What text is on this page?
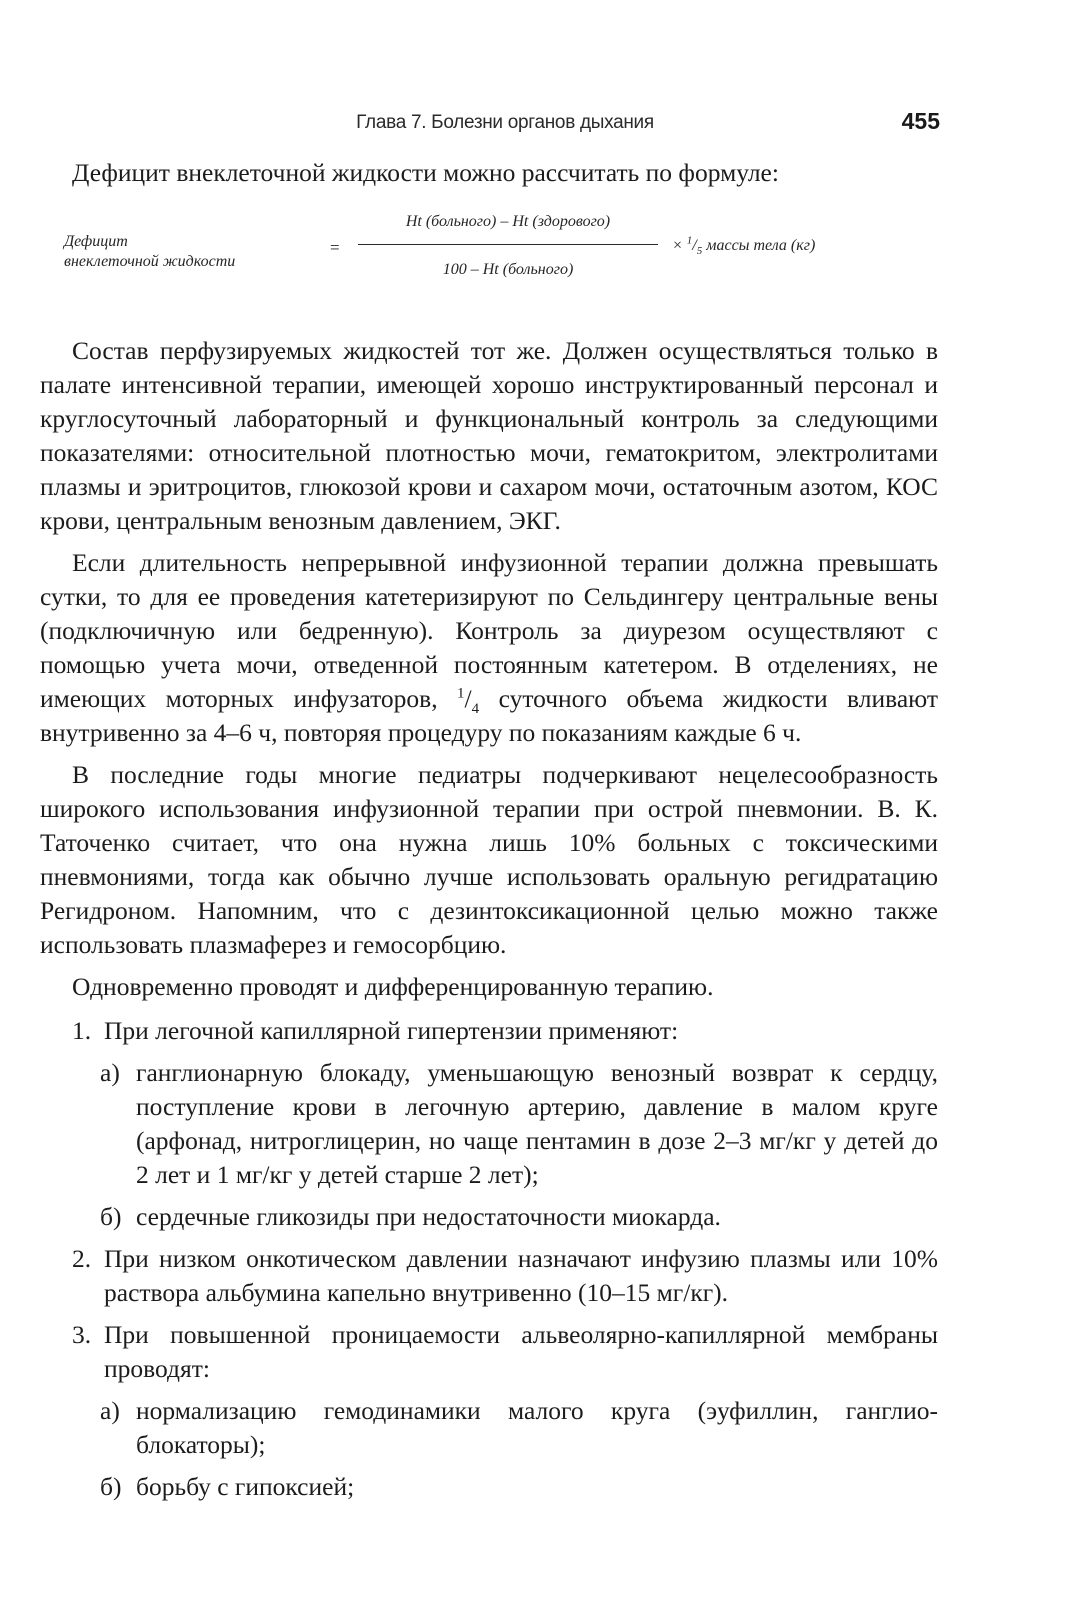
Глава 7. Болезни органов дыхания	455

Дефицит внеклеточной жидкости можно рассчитать по формуле:

Дефицит
внеклеточной жидкости
=
Ht (больного) – Ht (здорового)
100 – Ht (больного)
× $^1/_5$ массы тела (кг)

Состав перфузируемых жидкостей тот же. Должен осуществляться только в палате интенсивной терапии, имеющей хорошо инструктированный персонал и круглосуточный лабораторный и функциональный контроль за следующими показателями: относительной плотностью мочи, гематокритом, электролитами плазмы и эритроцитов, глюкозой крови и сахаром мочи, остаточным азотом, КОС крови, центральным венозным давлением, ЭКГ.

Если длительность непрерывной инфузионной терапии должна превышать сутки, то для ее проведения катетеризируют по Сельдингеру центральные вены (подключичную или бедренную). Контроль за диурезом осуществляют с помощью учета мочи, отведенной постоянным катетером. В отделениях, не имеющих моторных инфузаторов, $^1/_4$ суточного объема жидкости вливают внутривенно за 4–6 ч, повторяя процедуру по показаниям каждые 6 ч.

В последние годы многие педиатры подчеркивают нецелесообразность широкого использования инфузионной терапии при острой пневмонии. В. К. Таточенко считает, что она нужна лишь 10% больных с токсическими пневмониями, тогда как обычно лучше использовать оральную регидратацию Регидроном. Напомним, что с дезинтоксикационной целью можно также использовать плазмаферез и гемосорбцию.

Одновременно проводят и дифференцированную терапию.

1. При легочной капиллярной гипертензии применяют:
а) ганглионарную блокаду, уменьшающую венозный возврат к сердцу, поступление крови в легочную артерию, давление в малом круге (арфонад, нитроглицерин, но чаще пентамин в дозе 2–3 мг/кг у детей до 2 лет и 1 мг/кг у детей старше 2 лет);
б) сердечные гликозиды при недостаточности миокарда.
2. При низком онкотическом давлении назначают инфузию плазмы или 10% раствора альбумина капельно внутривенно (10–15 мг/кг).
3. При повышенной проницаемости альвеолярно-капиллярной мембраны проводят:
а) нормализацию гемодинамики малого круга (эуфиллин, ганглиоблокаторы);
б) борьбу с гипоксией;
